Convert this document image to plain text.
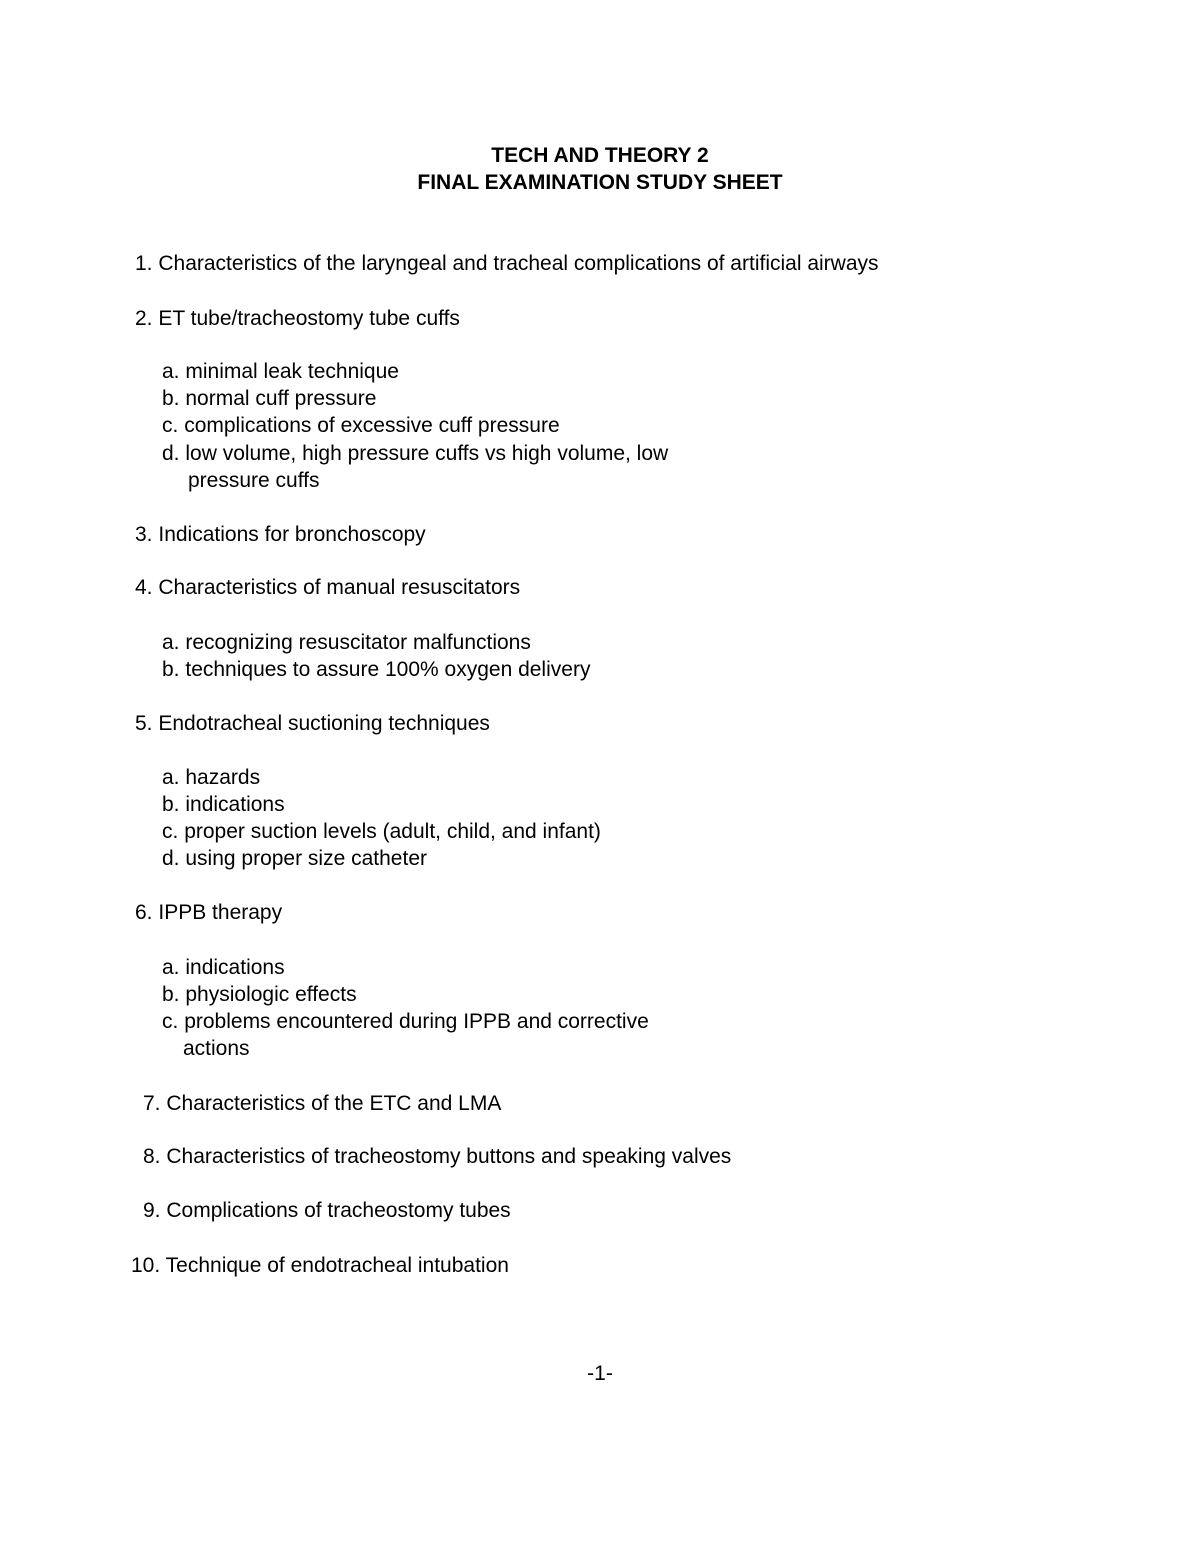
TECH AND THEORY 2
FINAL EXAMINATION STUDY SHEET
1. Characteristics of the laryngeal and tracheal complications of artificial airways
2. ET tube/tracheostomy tube cuffs
a. minimal leak technique
b. normal cuff pressure
c. complications of excessive cuff pressure
d. low volume, high pressure cuffs vs high volume, low
pressure cuffs
3. Indications for bronchoscopy
4. Characteristics of manual resuscitators
a. recognizing resuscitator malfunctions
b. techniques to assure 100% oxygen delivery
5. Endotracheal suctioning techniques
a. hazards
b. indications
c. proper suction levels (adult, child, and infant)
d. using proper size catheter
6. IPPB therapy
a. indications
b. physiologic effects
c. problems encountered during IPPB and corrective
actions
7. Characteristics of the ETC and LMA
8. Characteristics of tracheostomy buttons and speaking valves
9. Complications of tracheostomy tubes
10. Technique of endotracheal intubation
-1-
